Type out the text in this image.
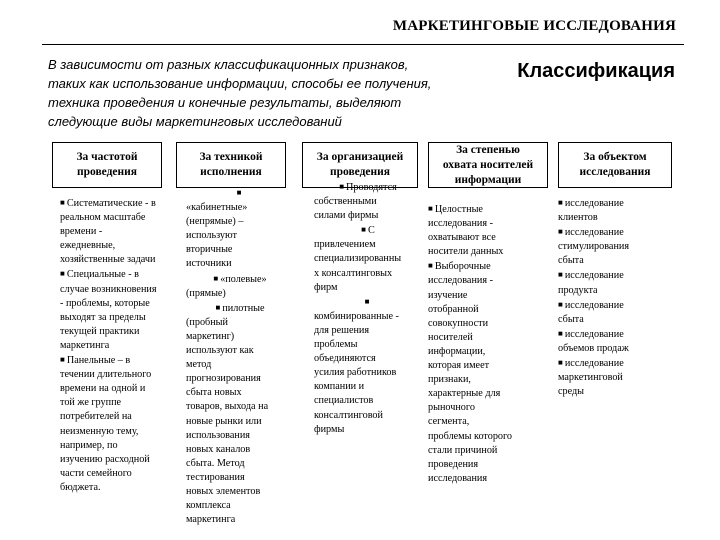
МАРКЕТИНГОВЫЕ ИССЛЕДОВАНИЯ
В зависимости от разных классификационных признаков,
таких как использование информации, способы ее получения,
техника проведения и конечные результаты, выделяют
следующие виды маркетинговых исследований
Классификация
За частотой
проведения
■ Систематические - в
реальном масштабе
времени -
ежедневные,
хозяйственные задачи
■ Специальные - в
случае возникновения
- проблемы, которые
выходят за пределы
текущей практики
маркетинга
■ Панельные – в
течении длительного
времени на одной и
той же группе
потребителей на
неизменную тему,
например, по
изучению расходной
части семейного
бюджета.
За техникой
исполнения
■
«кабинетные»
(непрямые) –
используют
вторичные
источники
■ «полевые»
(прямые)
■ пилотные
(пробный
маркетинг)
используют как
метод
прогнозирования
сбыта новых
товаров, выхода на
новые рынки или
использования
новых каналов
сбыта. Метод
тестирования
новых элементов
комплекса
маркетинга
За организацией
проведения
■ Проводятся
собственными
силами фирмы
■ С
привлечением
специализированны
х консалтинговых
фирм
■
комбинированные -
для решения
проблемы
объединяются
усилия работников
компании и
специалистов
консалтинговой
фирмы
За степенью
охвата носителей
информации
■ Целостные
исследования -
охватывают все
носители данных
■ Выборочные
исследования -
изучение
отобранной
совокупности
носителей
информации,
которая имеет
признаки,
характерные для
рыночного
сегмента,
проблемы которого
стали причиной
проведения
исследования
За объектом
исследования
■ исследование
клиентов
■ исследование
стимулирования
сбыта
■ исследование
продукта
■ исследование
сбыта
■ исследование
объемов продаж
■ исследование
маркетинговой
среды
